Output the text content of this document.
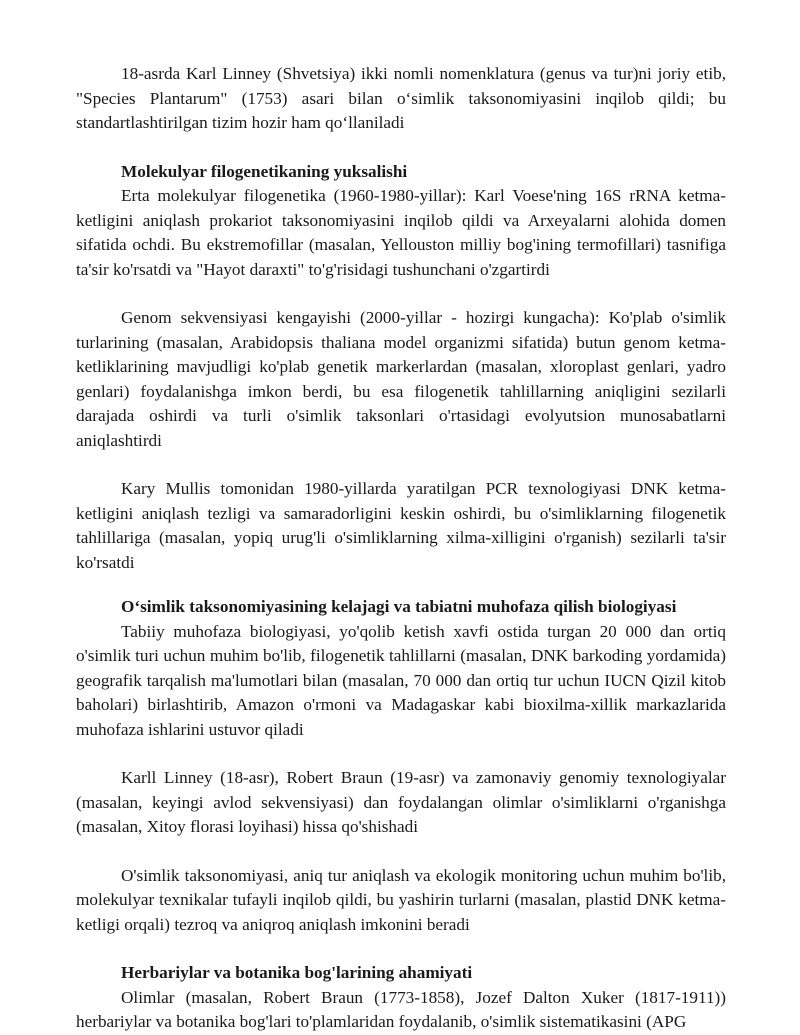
18-asrda Karl Linney (Shvetsiya) ikki nomli nomenklatura (genus va tur)ni joriy etib, "Species Plantarum" (1753) asari bilan o‘simlik taksonomiyasini inqilob qildi; bu standartlashtirilgan tizim hozir ham qo‘llaniladi

Molekulyar filogenetikaning yuksalishi

Erta molekulyar filogenetika (1960-1980-yillar): Karl Voese'ning 16S rRNA ketma-ketligini aniqlash prokariot taksonomiyasini inqilob qildi va Arxeyalarni alohida domen sifatida ochdi. Bu ekstremofillar (masalan, Yellouston milliy bog'ining termofillari) tasnifiga ta'sir ko'rsatdi va "Hayot daraxti" to'g'risidagi tushunchani o'zgartirdi

Genom sekvensiyasi kengayishi (2000-yillar - hozirgi kungacha): Ko'plab o'simlik turlarining (masalan, Arabidopsis thaliana model organizmi sifatida) butun genom ketma-ketliklarining mavjudligi ko'plab genetik markerlardan (masalan, xloroplast genlari, yadro genlari) foydalanishga imkon berdi, bu esa filogenetik tahlillarning aniqligini sezilarli darajada oshirdi va turli o'simlik taksonlari o'rtasidagi evolyutsion munosabatlarni aniqlashtirdi

Kary Mullis tomonidan 1980-yillarda yaratilgan PCR texnologiyasi DNK ketma-ketligini aniqlash tezligi va samaradorligini keskin oshirdi, bu o'simliklarning filogenetik tahlillariga (masalan, yopiq urug'li o'simliklarning xilma-xilligini o'rganish) sezilarli ta'sir ko'rsatdi

O‘simlik taksonomiyasining kelajagi va tabiatni muhofaza qilish biologiyasi

Tabiiy muhofaza biologiyasi, yo'qolib ketish xavfi ostida turgan 20 000 dan ortiq o'simlik turi uchun muhim bo'lib, filogenetik tahlillarni (masalan, DNK barkoding yordamida) geografik tarqalish ma'lumotlari bilan (masalan, 70 000 dan ortiq tur uchun IUCN Qizil kitob baholari) birlashtirib, Amazon o'rmoni va Madagaskar kabi bioxilma-xillik markazlarida muhofaza ishlarini ustuvor qiladi

Karll Linney (18-asr), Robert Braun (19-asr) va zamonaviy genomiy texnologiyalar (masalan, keyingi avlod sekvensiyasi) dan foydalangan olimlar o'simliklarni o'rganishga (masalan, Xitoy florasi loyihasi) hissa qo'shishadi

O'simlik taksonomiyasi, aniq tur aniqlash va ekologik monitoring uchun muhim bo'lib, molekulyar texnikalar tufayli inqilob qildi, bu yashirin turlarni (masalan, plastid DNK ketma-ketligi orqali) tezroq va aniqroq aniqlash imkonini beradi

Herbariylar va botanika bog'larining ahamiyati

Olimlar (masalan, Robert Braun (1773-1858), Jozef Dalton Xuker (1817-1911)) herbariylar va botanika bog'lari to'plamlaridan foydalanib, o'simlik sistematikasini (APG
